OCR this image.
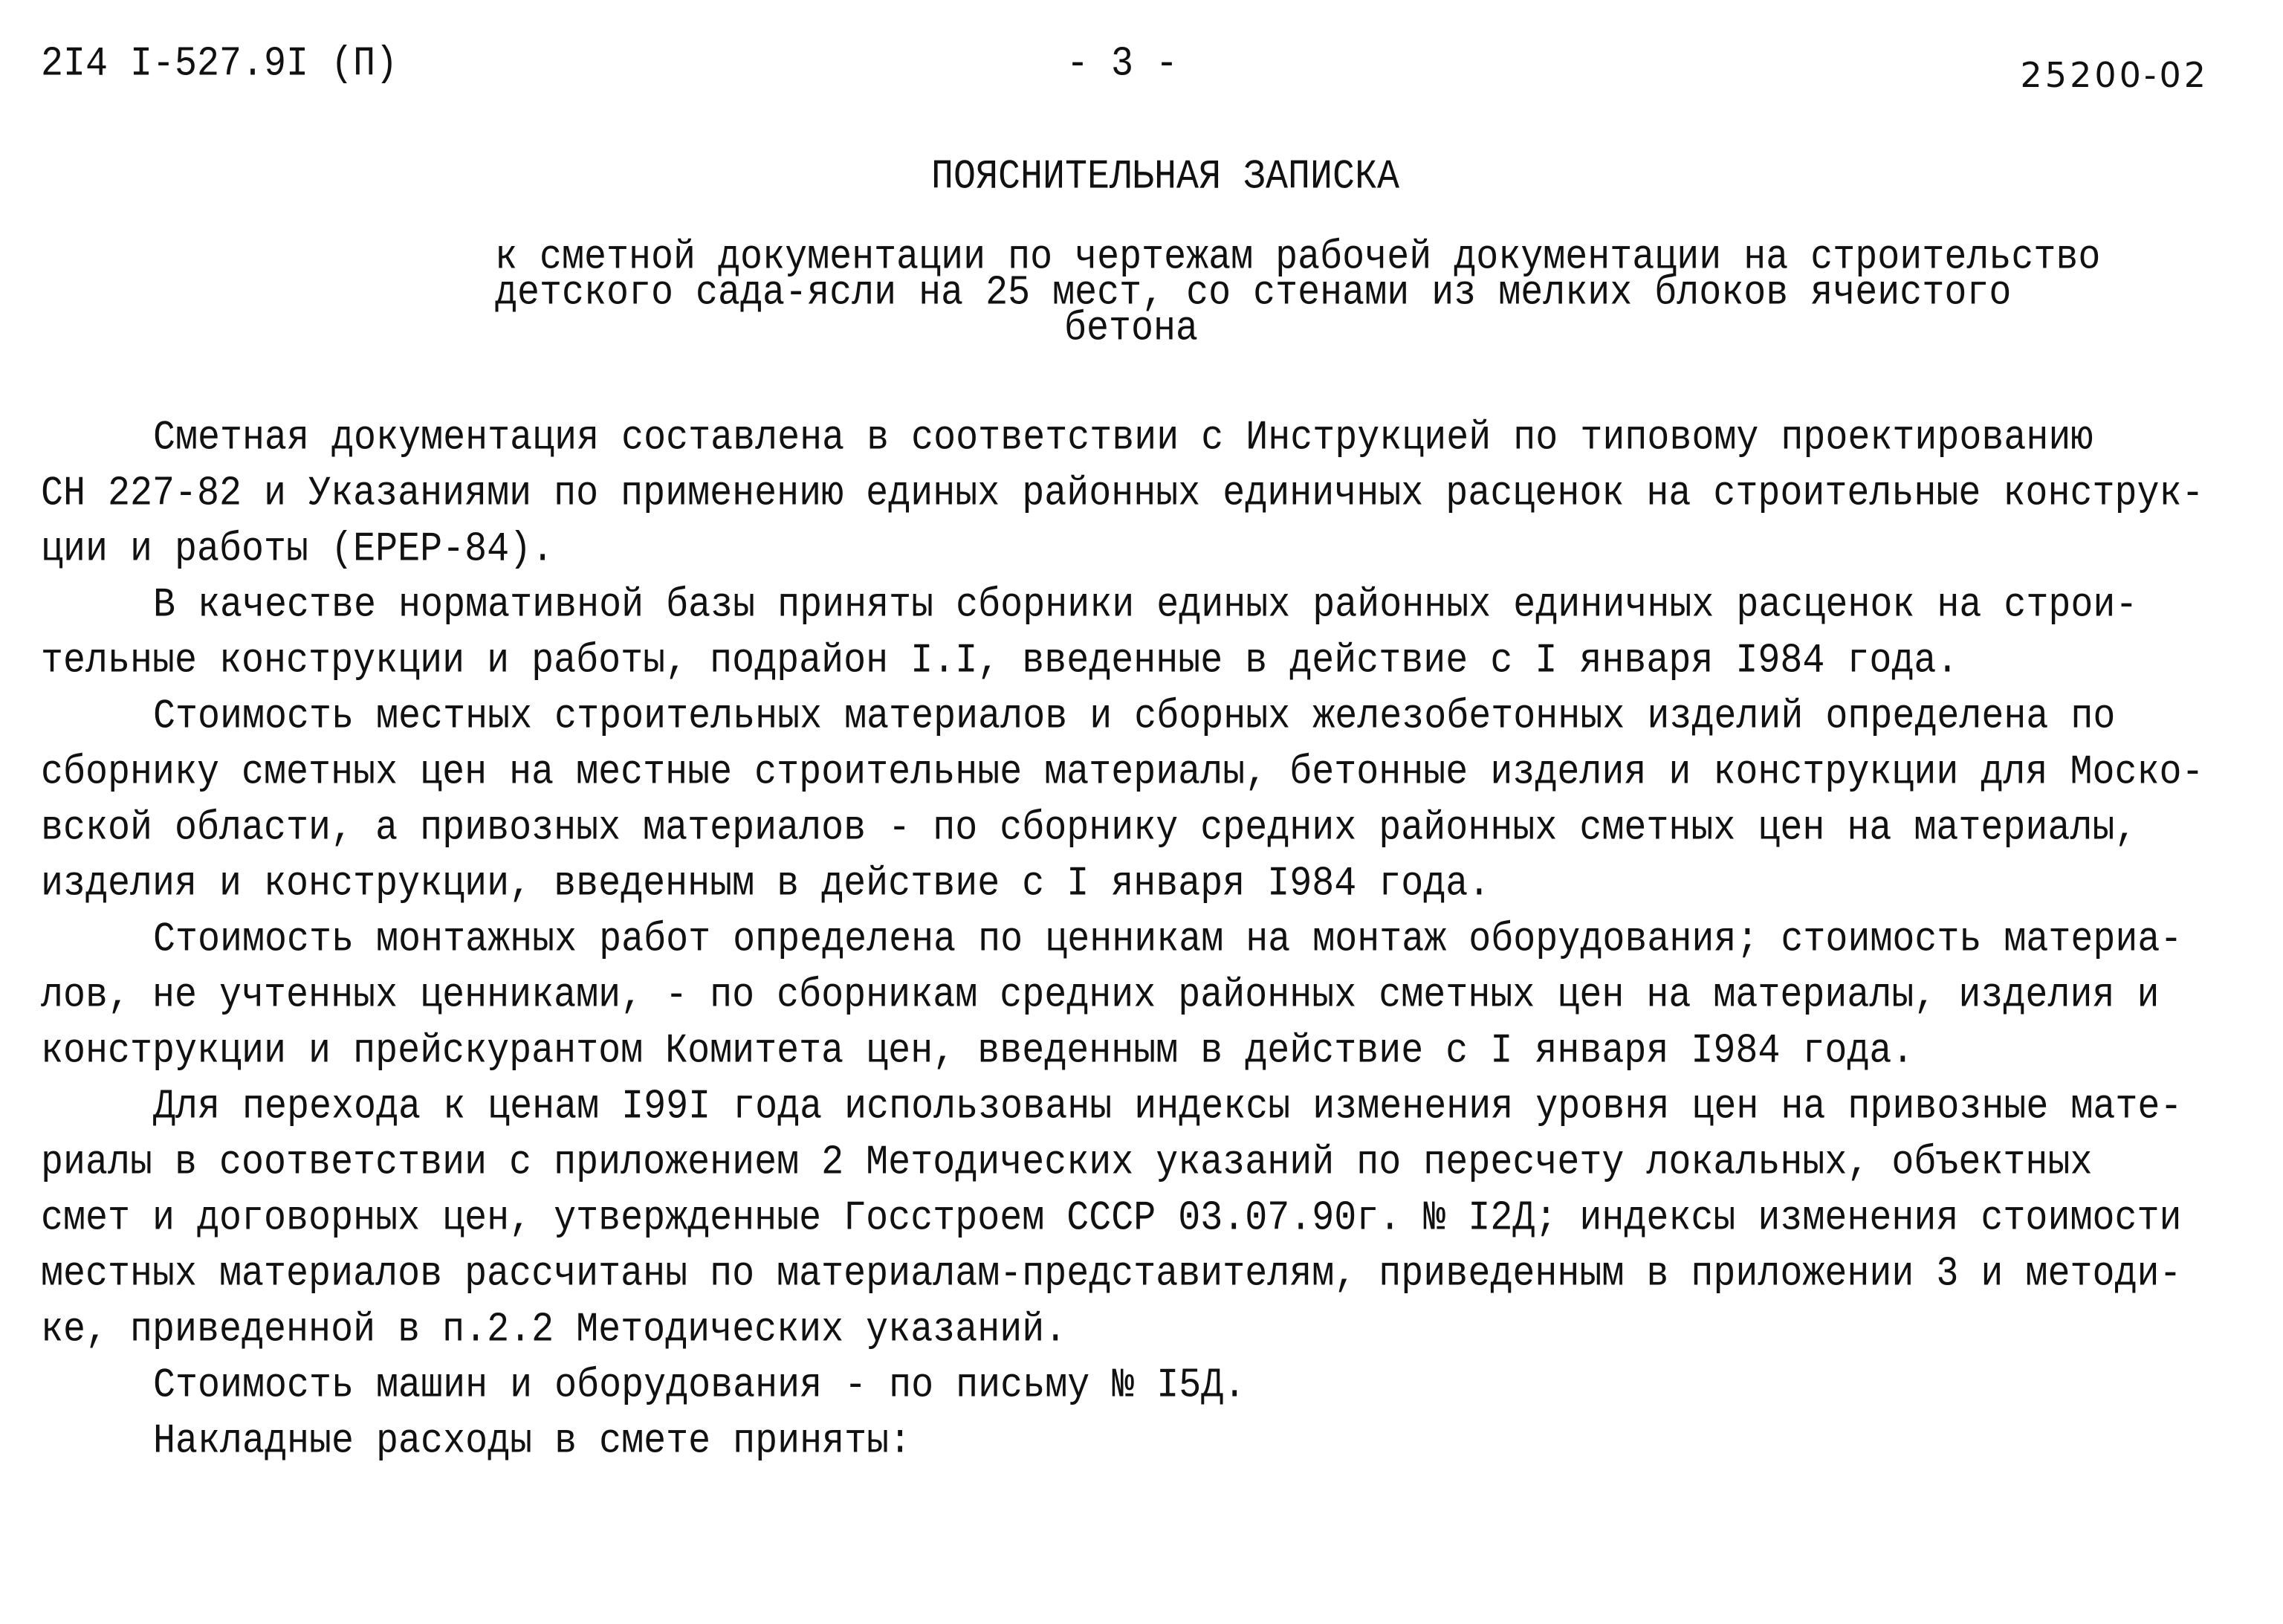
2I4 I-527.9I (П)	- 3 -	25200-02
ПОЯСНИТЕЛЬНАЯ ЗАПИСКА
к сметной документации по чертежам рабочей документации на строительство
детского сада-ясли на 25 мест, со стенами из мелких блоков ячеистого
бетона
Сметная документация составлена в соответствии с Инструкцией по типовому проектированию
СН 227-82 и Указаниями по применению единых районных единичных расценок на строительные конструк-
ции и работы (ЕРЕР-84).
В качестве нормативной базы приняты сборники единых районных единичных расценок на строи-
тельные конструкции и работы, подрайон I.I, введенные в действие с I января I984 года.
Стоимость местных строительных материалов и сборных железобетонных изделий определена по
сборнику сметных цен на местные строительные материалы, бетонные изделия и конструкции для Моско-
вской области, а привозных материалов - по сборнику средних районных сметных цен на материалы,
изделия и конструкции, введенным в действие с I января I984 года.
Стоимость монтажных работ определена по ценникам на монтаж оборудования; стоимость материа-
лов, не учтенных ценниками, - по сборникам средних районных сметных цен на материалы, изделия и
конструкции и прейскурантом Комитета цен, введенным в действие с I января I984 года.
Для перехода к ценам I99I года использованы индексы изменения уровня цен на привозные мате-
риалы в соответствии с приложением 2 Методических указаний по пересчету локальных, объектных
смет и договорных цен, утвержденные Госстроем СССР 03.07.90г. № I2Д; индексы изменения стоимости
местных материалов рассчитаны по материалам-представителям, приведенным в приложении 3 и методи-
ке, приведенной в п.2.2 Методических указаний.
Стоимость машин и оборудования - по письму № I5Д.
Накладные расходы в смете приняты:
